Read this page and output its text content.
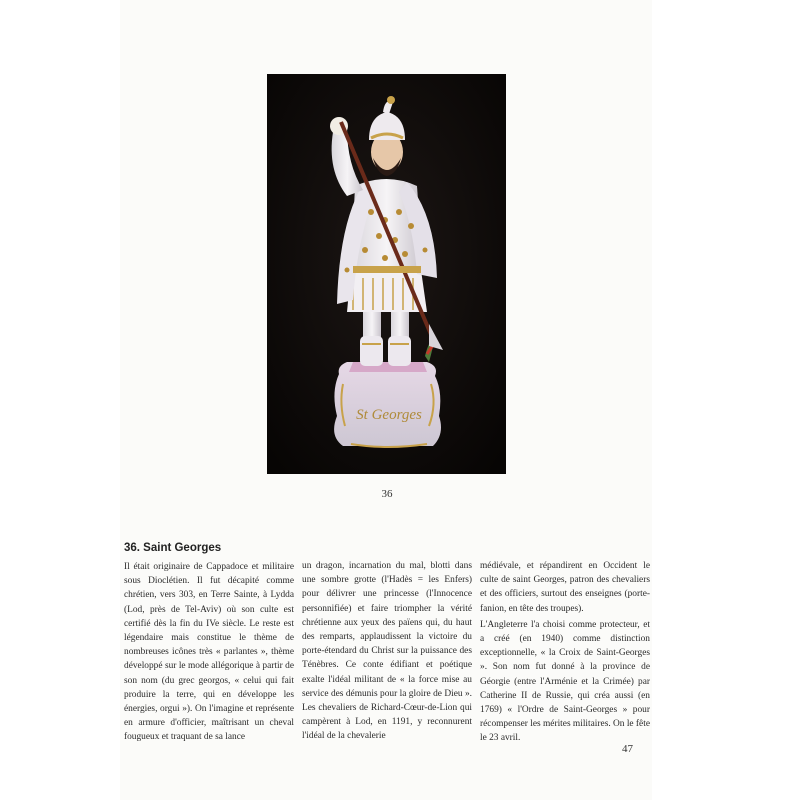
St Georges
36
36. Saint Georges

Il était originaire de Cappadoce et militaire sous Dioclétien. Il fut décapité comme chrétien, vers 303, en Terre Sainte, à Lydda (Lod, près de Tel-Aviv) où son culte est certifié dès la fin du IVe siècle. Le reste est légendaire mais constitue le thème de nombreuses icônes très « parlantes », thème développé sur le mode allégorique à partir de son nom (du grec georgos, « celui qui fait produire la terre, qui en développe les énergies, orgui »). On l'imagine et représente en armure d'officier, maîtrisant un cheval fougueux et traquant de sa lance

un dragon, incarnation du mal, blotti dans une sombre grotte (l'Hadès = les Enfers) pour délivrer une princesse (l'Innocence personnifiée) et faire triompher la vérité chrétienne aux yeux des païens qui, du haut des remparts, applaudissent la victoire du porte-étendard du Christ sur la puissance des Ténèbres. Ce conte édifiant et poétique exalte l'idéal militant de « la force mise au service des démunis pour la gloire de Dieu ». Les chevaliers de Richard-Cœur-de-Lion qui campèrent à Lod, en 1191, y reconnurent l'idéal de la chevalerie

médiévale, et répandirent en Occident le culte de saint Georges, patron des chevaliers et des officiers, surtout des enseignes (porte-fanion, en tête des troupes).

L'Angleterre l'a choisi comme protecteur, et a créé (en 1940) comme distinction exceptionnelle, « la Croix de Saint-Georges ». Son nom fut donné à la province de Géorgie (entre l'Arménie et la Crimée) par Catherine II de Russie, qui créa aussi (en 1769) « l'Ordre de Saint-Georges » pour récompenser les mérites militaires. On le fête le 23 avril.

47
